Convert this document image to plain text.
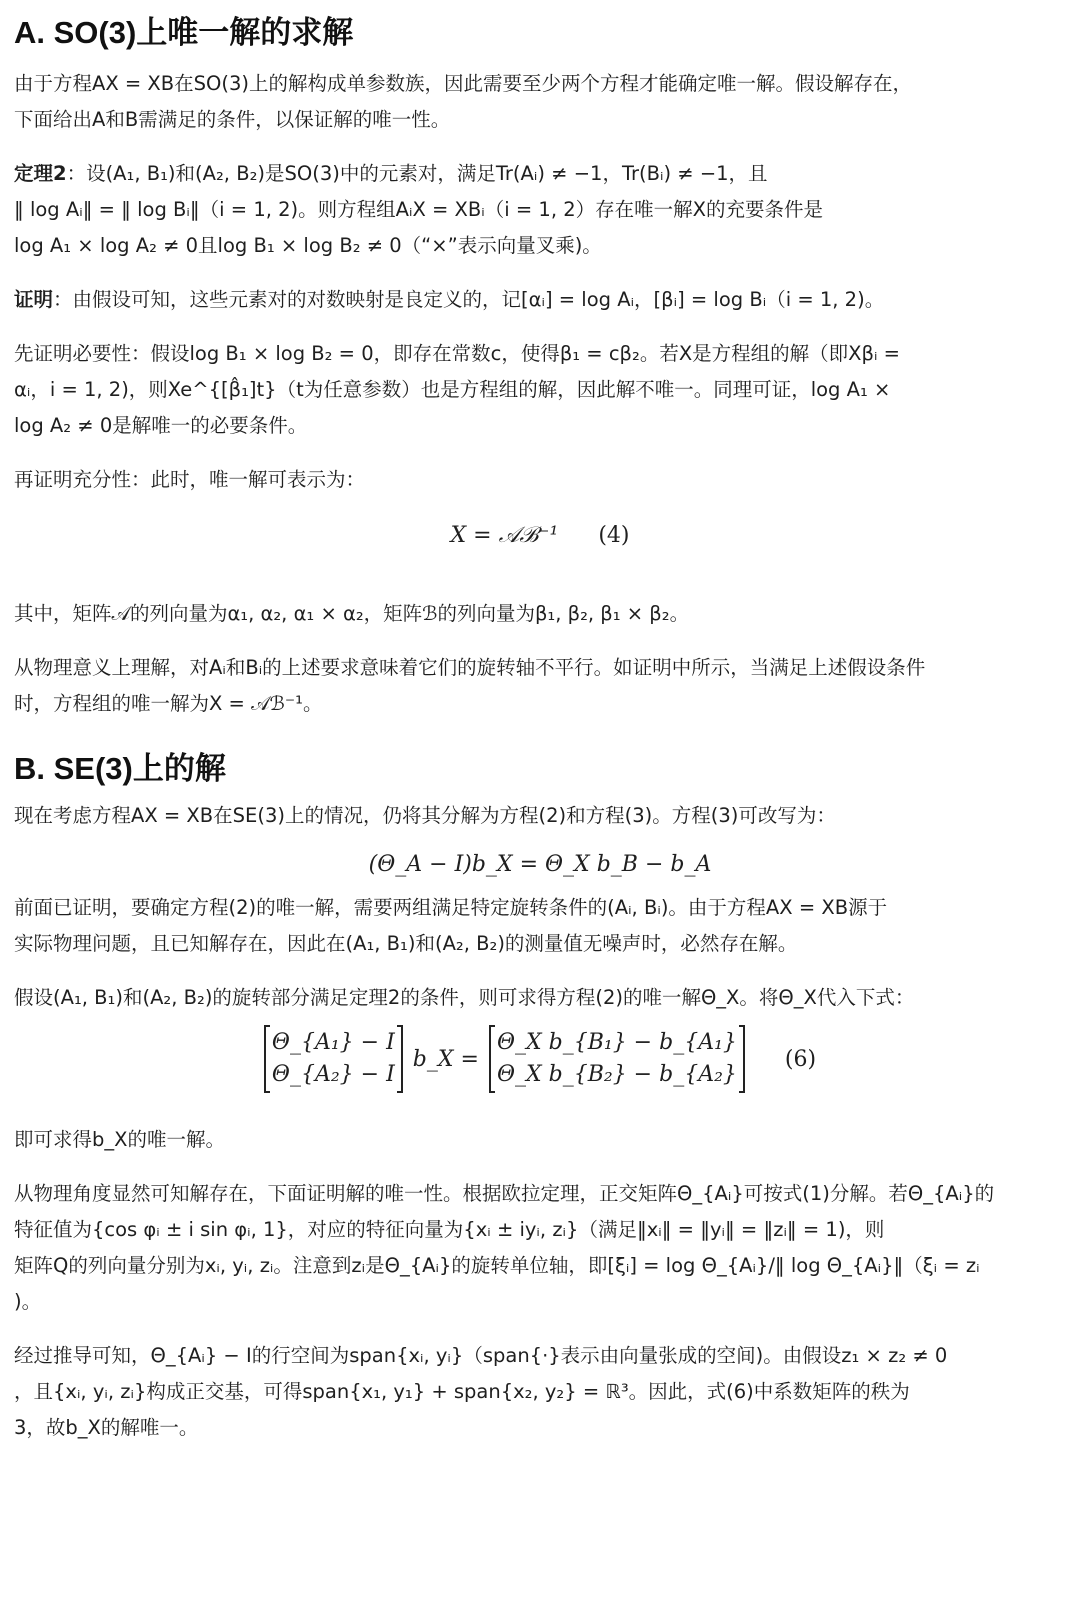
A. SO(3)上唯一解的求解

由于方程AX = XB在SO(3)上的解构成单参数族，因此需要至少两个方程才能确定唯一解。假设解存在，
下面给出A和B需满足的条件，以保证解的唯一性。

定理2：设(A₁, B₁)和(A₂, B₂)是SO(3)中的元素对，满足Tr(Aᵢ) ≠ −1，Tr(Bᵢ) ≠ −1，且
‖ log Aᵢ‖ = ‖ log Bᵢ‖（i = 1, 2)。则方程组AᵢX = XBᵢ（i = 1, 2）存在唯一解X的充要条件是
log A₁ × log A₂ ≠ 0且log B₁ × log B₂ ≠ 0（“×”表示向量叉乘)。

证明：由假设可知，这些元素对的对数映射是良定义的，记[αᵢ] = log Aᵢ，[βᵢ] = log Bᵢ（i = 1, 2)。

先证明必要性：假设log B₁ × log B₂ = 0，即存在常数c，使得β₁ = cβ₂。若X是方程组的解（即Xβᵢ =
αᵢ，i = 1, 2)，则Xe^{[β̂₁]t}（t为任意参数）也是方程组的解，因此解不唯一。同理可证，log A₁ ×
log A₂ ≠ 0是解唯一的必要条件。

再证明充分性：此时，唯一解可表示为：

X = 𝒜ℬ⁻¹ (4)

其中，矩阵𝒜的列向量为α₁, α₂, α₁ × α₂，矩阵ℬ的列向量为β₁, β₂, β₁ × β₂。

从物理意义上理解，对Aᵢ和Bᵢ的上述要求意味着它们的旋转轴不平行。如证明中所示，当满足上述假设条件
时，方程组的唯一解为X = 𝒜ℬ⁻¹。

B. SE(3)上的解

现在考虑方程AX = XB在SE(3)上的情况，仍将其分解为方程(2)和方程(3)。方程(3)可改写为：

(Θ_A − I)b_X = Θ_X b_B − b_A

前面已证明，要确定方程(2)的唯一解，需要两组满足特定旋转条件的(Aᵢ, Bᵢ)。由于方程AX = XB源于
实际物理问题，且已知解存在，因此在(A₁, B₁)和(A₂, B₂)的测量值无噪声时，必然存在解。

假设(A₁, B₁)和(A₂, B₂)的旋转部分满足定理2的条件，则可求得方程(2)的唯一解Θ_X。将Θ_X代入下式：

Θ_{A₁} − I
Θ_{A₂} − I
b_X =
Θ_X b_{B₁} − b_{A₁}
Θ_X b_{B₂} − b_{A₂}
(6)

即可求得b_X的唯一解。

从物理角度显然可知解存在，下面证明解的唯一性。根据欧拉定理，正交矩阵Θ_{Aᵢ}可按式(1)分解。若Θ_{Aᵢ}的
特征值为{cos φᵢ ± i sin φᵢ, 1}，对应的特征向量为{xᵢ ± iyᵢ, zᵢ}（满足‖xᵢ‖ = ‖yᵢ‖ = ‖zᵢ‖ = 1)，则
矩阵Q的列向量分别为xᵢ, yᵢ, zᵢ。注意到zᵢ是Θ_{Aᵢ}的旋转单位轴，即[ξᵢ] = log Θ_{Aᵢ}/‖ log Θ_{Aᵢ}‖（ξᵢ = zᵢ
)。

经过推导可知，Θ_{Aᵢ} − I的行空间为span{xᵢ, yᵢ}（span{·}表示由向量张成的空间)。由假设z₁ × z₂ ≠ 0
，且{xᵢ, yᵢ, zᵢ}构成正交基，可得span{x₁, y₁} + span{x₂, y₂} = ℝ³。因此，式(6)中系数矩阵的秩为
3，故b_X的解唯一。
